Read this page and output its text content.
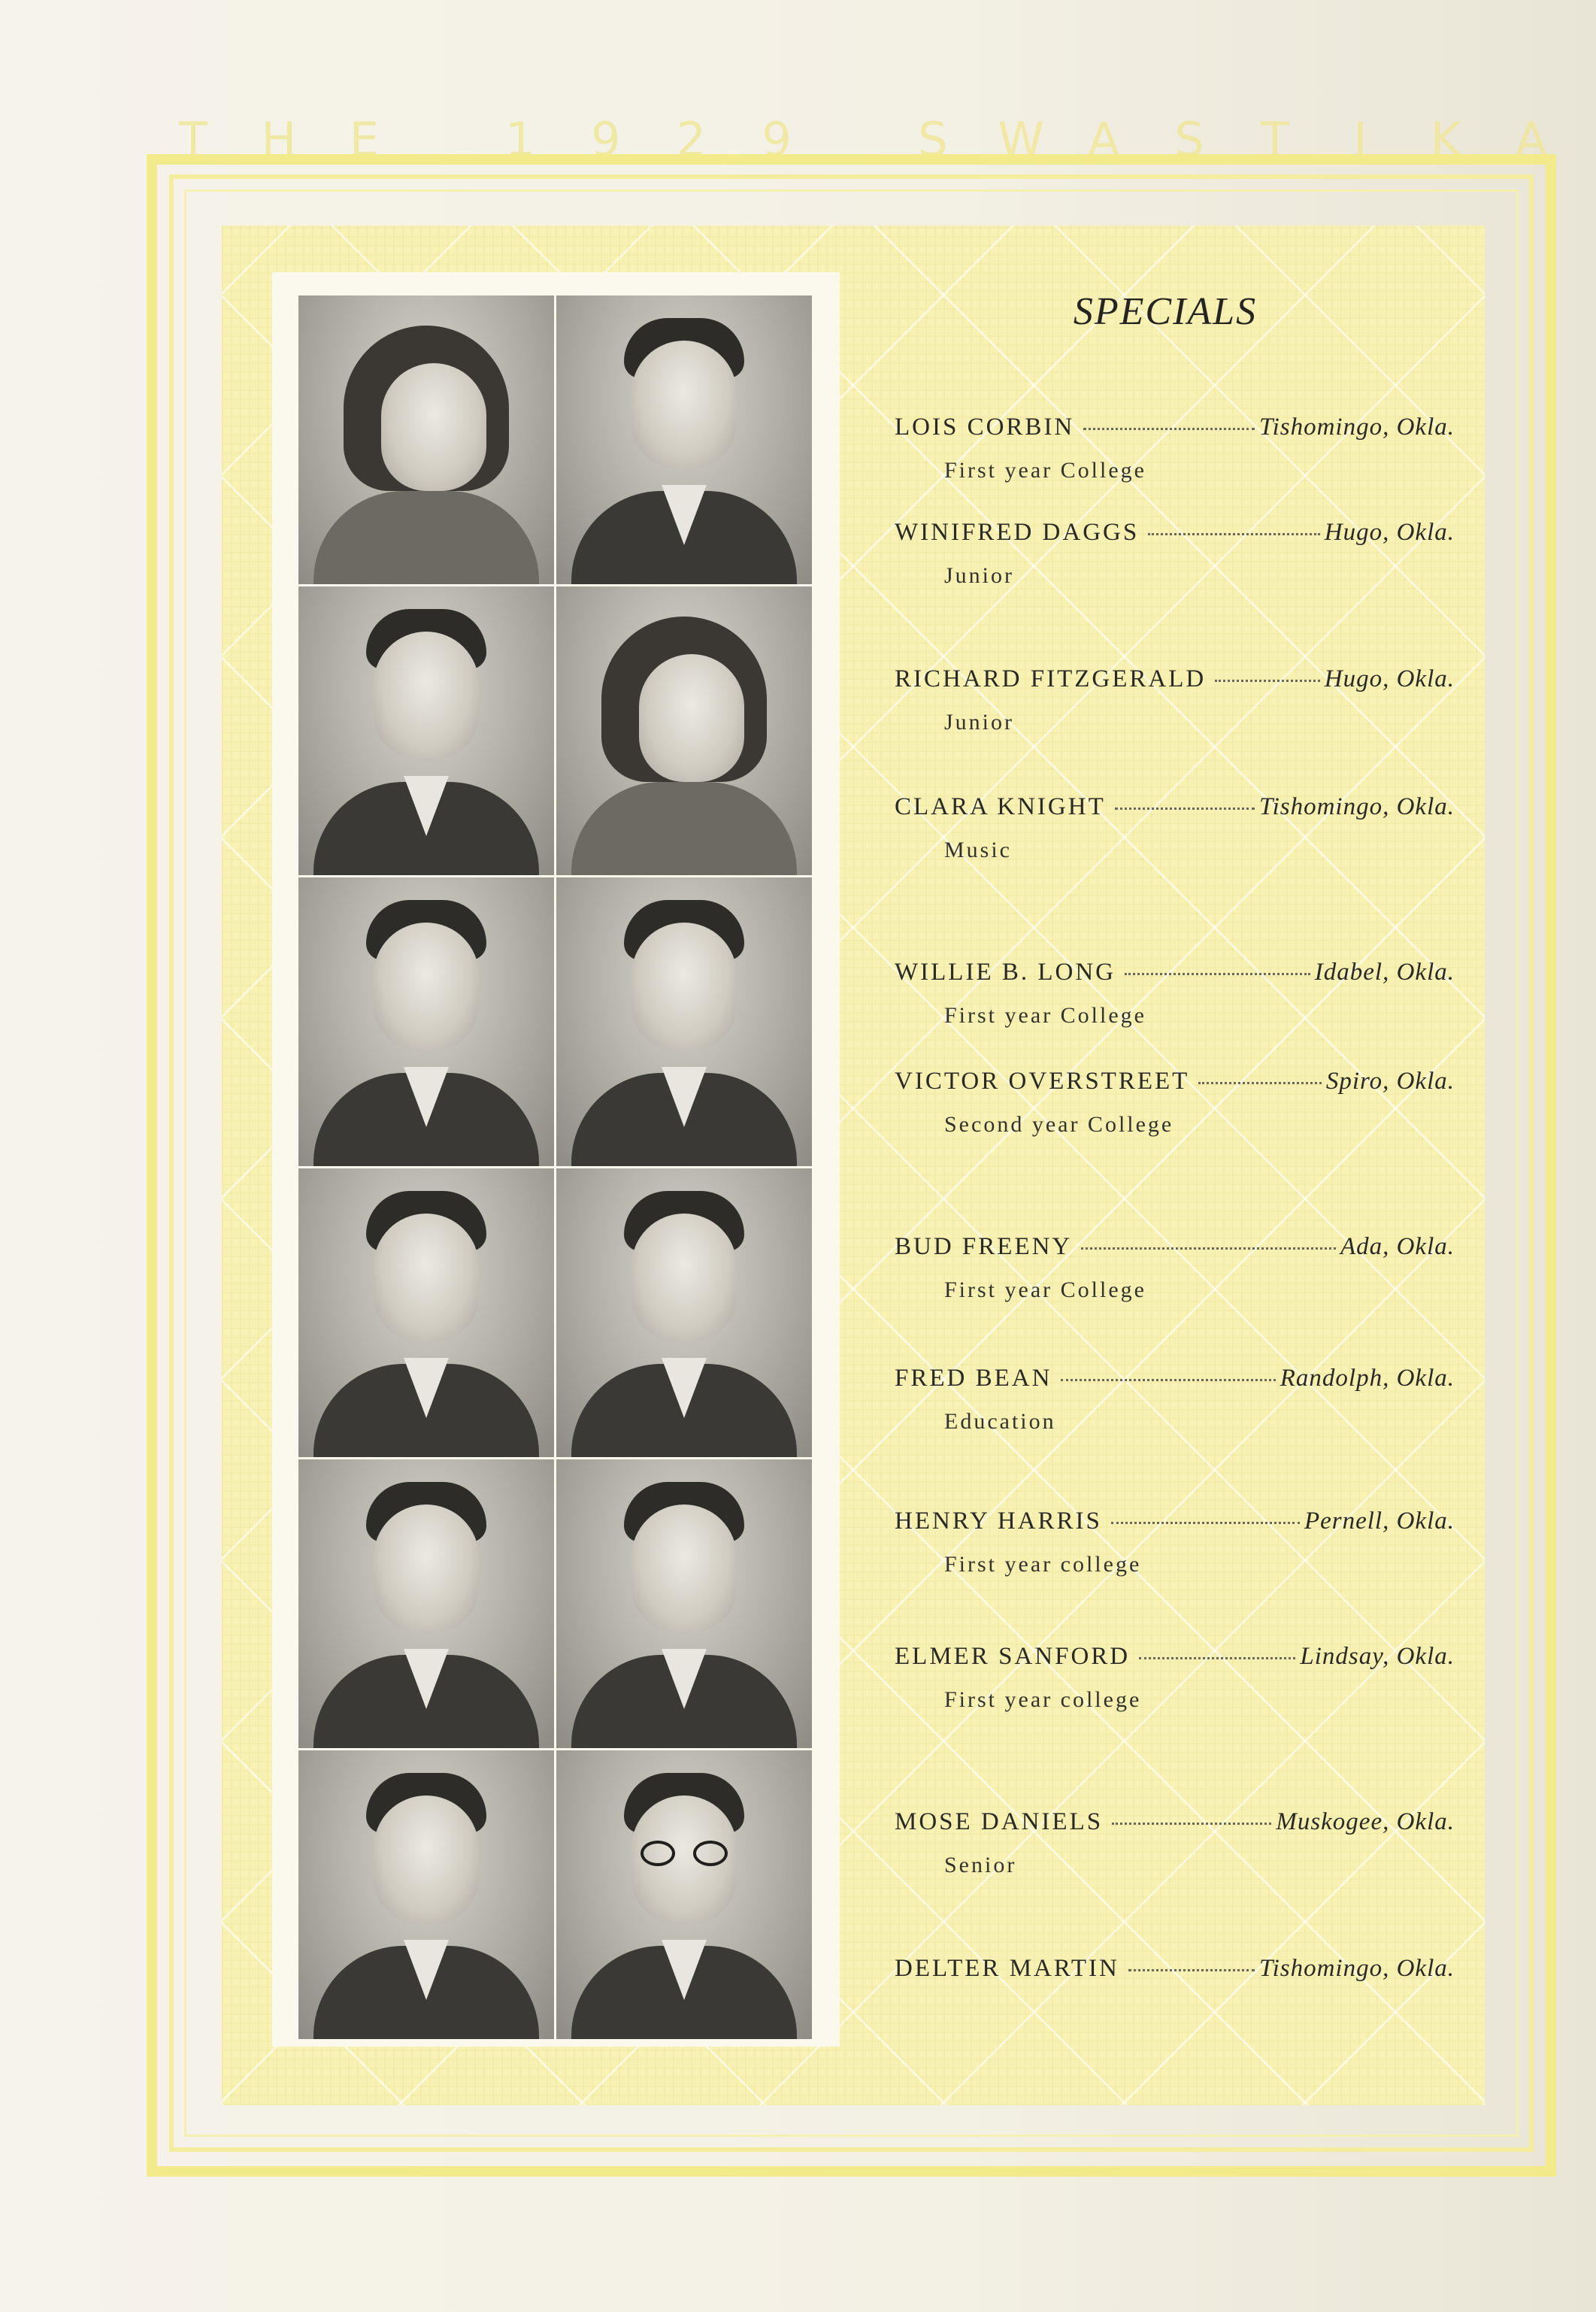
T H E	1 9 2 9	S W A S T I K A
SPECIALS
LOIS CORBIN	Tishomingo, Okla.
First year College
WINIFRED DAGGS	Hugo, Okla.
Junior
RICHARD FITZGERALD	Hugo, Okla.
Junior
CLARA KNIGHT	Tishomingo, Okla.
Music
WILLIE B. LONG	Idabel, Okla.
First year College
VICTOR OVERSTREET	Spiro, Okla.
Second year College
BUD FREENY	Ada, Okla.
First year College
FRED BEAN	Randolph, Okla.
Education
HENRY HARRIS	Pernell, Okla.
First year college
ELMER SANFORD	Lindsay, Okla.
First year college
MOSE DANIELS	Muskogee, Okla.
Senior
DELTER MARTIN	Tishomingo, Okla.
